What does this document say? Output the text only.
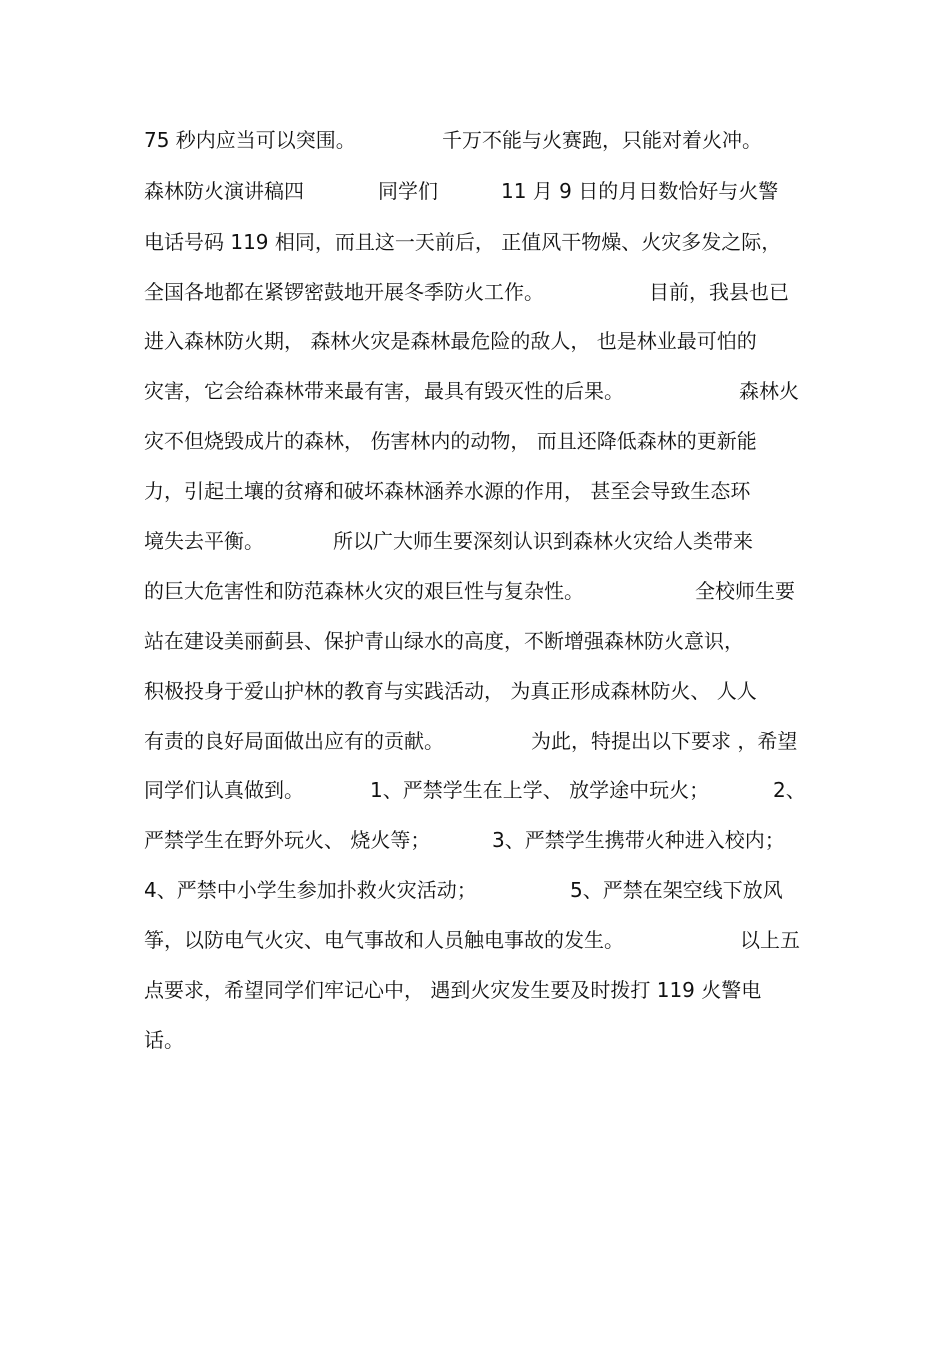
75 秒内应当可以突围。	千万不能与火赛跑，只能对着火冲。
森林防火演讲稿四	同学们	11 月 9 日的月日数恰好与火警
电话号码 119 相同，而且这一天前后， 正值风干物燥、火灾多发之际，
全国各地都在紧锣密鼓地开展冬季防火工作。	目前，我县也已
进入森林防火期， 森林火灾是森林最危险的敌人， 也是林业最可怕的
灾害，它会给森林带来最有害，最具有毁灭性的后果。	森林火
灾不但烧毁成片的森林， 伤害林内的动物， 而且还降低森林的更新能
力，引起土壤的贫瘠和破坏森林涵养水源的作用， 甚至会导致生态环
境失去平衡。	所以广大师生要深刻认识到森林火灾给人类带来
的巨大危害性和防范森林火灾的艰巨性与复杂性。	全校师生要
站在建设美丽蓟县、保护青山绿水的高度，不断增强森林防火意识，
积极投身于爱山护林的教育与实践活动， 为真正形成森林防火、 人人
有责的良好局面做出应有的贡献。	为此，特提出以下要求 ，希望
同学们认真做到。	1、严禁学生在上学、 放学途中玩火；	2、
严禁学生在野外玩火、 烧火等；	3、严禁学生携带火种进入校内；
4、严禁中小学生参加扑救火灾活动；	5、严禁在架空线下放风
筝，以防电气火灾、电气事故和人员触电事故的发生。	以上五
点要求，希望同学们牢记心中， 遇到火灾发生要及时拨打 119 火警电
话。
